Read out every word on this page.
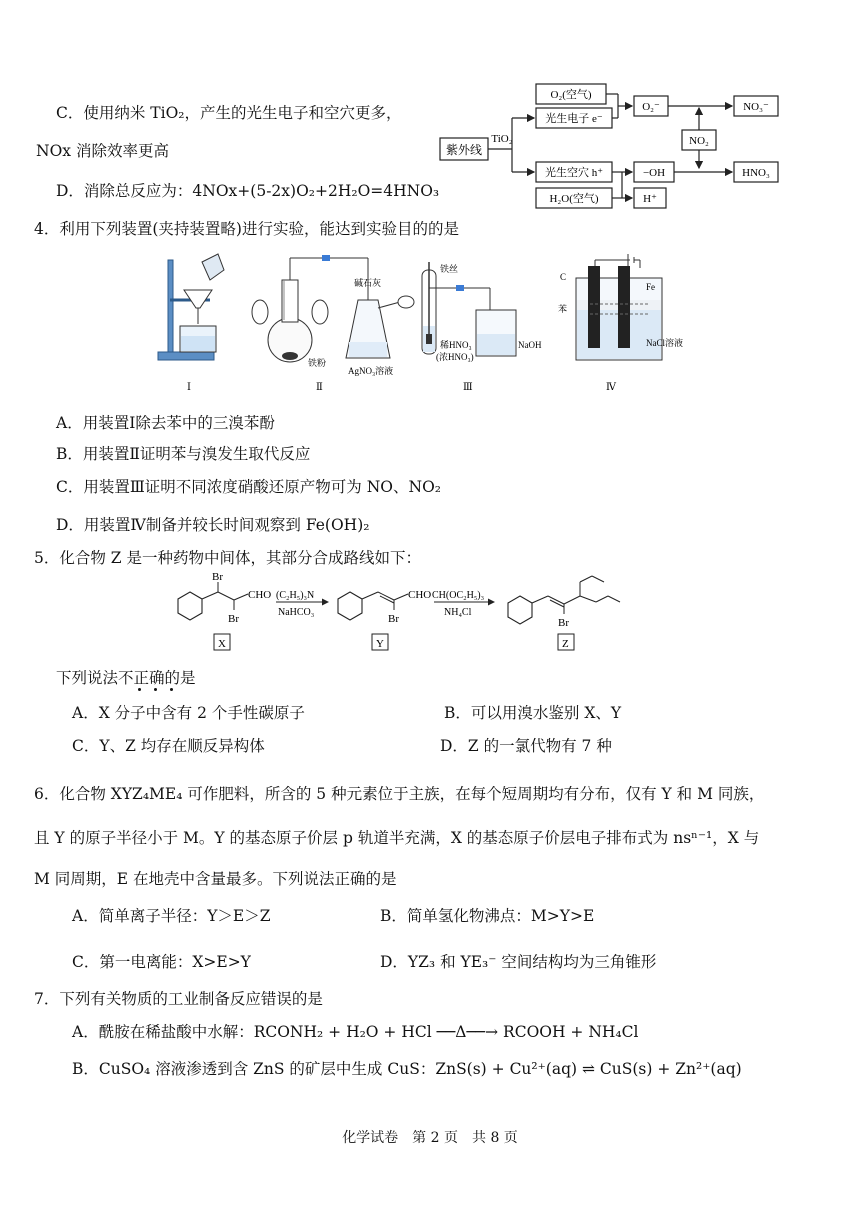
C．使用纳米 TiO₂，产生的光生电子和空穴更多，
NOx 消除效率更高
D．消除总反应为：4NOx+(5-2x)O₂+2H₂O=4HNO₃
紫外线
TiO₂
O₂(空气)
光生电子 e⁻
O₂⁻	NO₃⁻
NO₂
光生空穴 h⁺
H₂O(空气)
−OH	HNO₃
H⁺
4．利用下列装置(夹持装置略)进行实验，能达到实验目的的是
Ⅰ
碱石灰
铁粉
AgNO₃溶液
Ⅱ
铁丝
NaOH
稀HNO₃
(浓HNO₃)
Ⅲ
C
Fe
苯
NaCl溶液
Ⅳ
A．用装置Ⅰ除去苯中的三溴苯酚
B．用装置Ⅱ证明苯与溴发生取代反应
C．用装置Ⅲ证明不同浓度硝酸还原产物可为 NO、NO₂
D．用装置Ⅳ制备并较长时间观察到 Fe(OH)₂
5．化合物 Z 是一种药物中间体，其部分合成路线如下：
Br
Br
CHO
X
(C₂H₅)₃N
NaHCO₃
Br
CHO
Y
CH(OC₂H₅)₃
NH₄Cl
Br
Z
下列说法不正确的是
A．X 分子中含有 2 个手性碳原子	B．可以用溴水鉴别 X、Y
C．Y、Z 均存在顺反异构体	D．Z 的一氯代物有 7 种
6．化合物 XYZ₄ME₄ 可作肥料，所含的 5 种元素位于主族，在每个短周期均有分布，仅有 Y 和 M 同族，
且 Y 的原子半径小于 M。Y 的基态原子价层 p 轨道半充满，X 的基态原子价层电子排布式为 nsⁿ⁻¹，X 与
M 同周期，E 在地壳中含量最多。下列说法正确的是
A．简单离子半径：Y＞E＞Z	B．简单氢化物沸点：M>Y>E
C．第一电离能：X>E>Y	D．YZ₃ 和 YE₃⁻ 空间结构均为三角锥形
7．下列有关物质的工业制备反应错误的是
A．酰胺在稀盐酸中水解：RCONH₂ + H₂O + HCl ──Δ──→ RCOOH + NH₄Cl
B．CuSO₄ 溶液渗透到含 ZnS 的矿层中生成 CuS：ZnS(s) + Cu²⁺(aq) ⇌ CuS(s) + Zn²⁺(aq)
化学试卷　第 2 页　共 8 页
